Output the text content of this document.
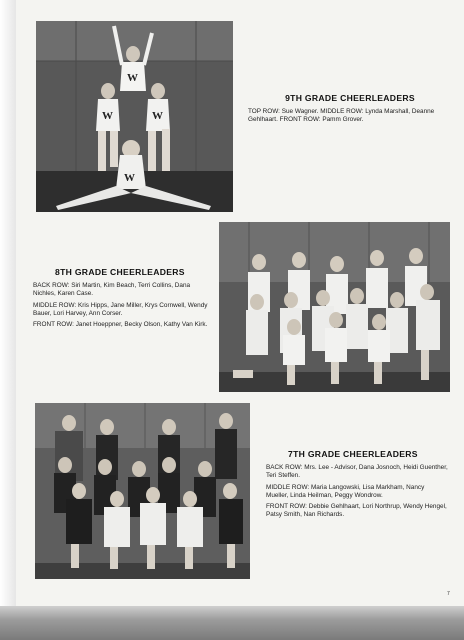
W
W	W
W
9TH GRADE CHEERLEADERS
TOP ROW: Sue Wagner. MIDDLE ROW: Lynda Marshall, Deanne Gehlhaart. FRONT ROW: Pamm Grover.
8TH GRADE CHEERLEADERS
BACK ROW: Siri Martin, Kim Beach, Terri Collins, Dana Nichles, Karen Case.
MIDDLE ROW: Kris Hipps, Jane Miller, Krys Cornwell, Wendy Bauer, Lori Harvey, Ann Corser.
FRONT ROW: Janet Hoeppner, Becky Olson, Kathy Van Kirk.
7TH GRADE CHEERLEADERS
BACK ROW: Mrs. Lee - Advisor, Dana Josnoch, Heidi Guenther, Teri Steffen.
MIDDLE ROW: Maria Langowski, Lisa Markham, Nancy Mueller, Linda Heilman, Peggy Wondrow.
FRONT ROW: Debbie Gehlhaart, Lori Northrup, Wendy Hengel, Patsy Smith, Nan Richards.
7
